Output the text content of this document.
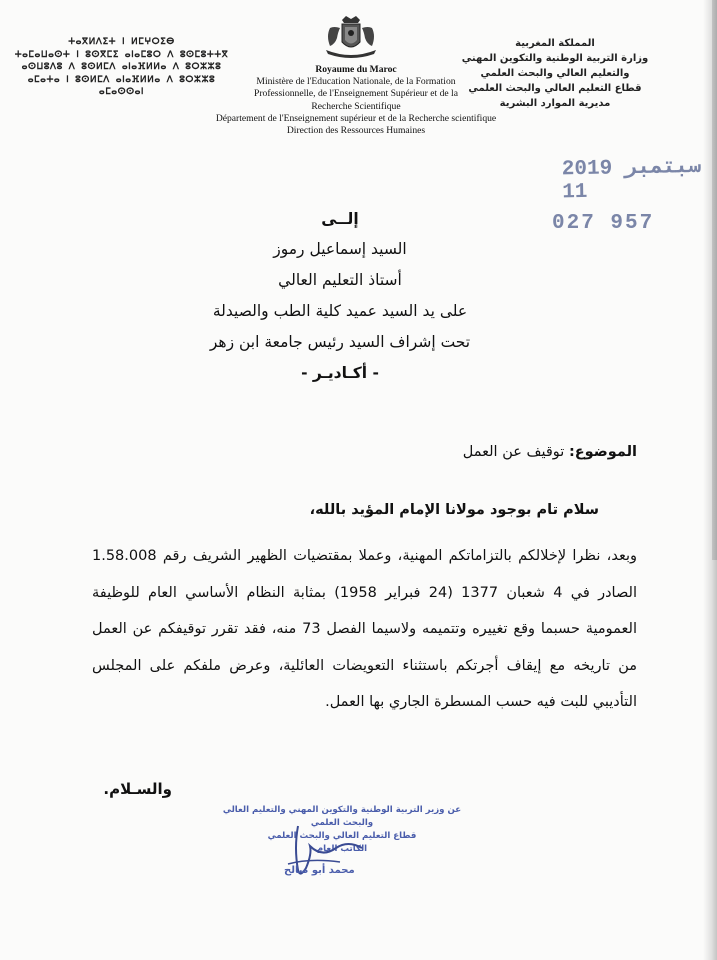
المملكة المغربية
وزارة التربية الوطنية والتكوين المهني
والتعليم العالي والبحث العلمي
قطاع التعليم العالي والبحث العلمي
مديرية الموارد البشرية
ⵜⴰⴳⵍⴷⵉⵜ ⵏ ⵍⵎⵖⵔⵉⴱ
ⵜⴰⵎⴰⵡⴰⵙⵜ ⵏ ⵓⵙⴳⵎⵉ ⴰⵏⴰⵎⵓⵔ ⴷ ⵓⵙⵎⵓⵜⵜⴳ
ⴰⵙⵡⵓⴷⵓ ⴷ ⵓⵙⵍⵎⴷ ⴰⵏⴰⴼⵍⵍⴰ ⴷ ⵓⵔⵣⵣⵓ
ⴰⵎⴰⵜⴰ ⵏ ⵓⵙⵍⵎⴷ ⴰⵏⴰⴼⵍⵍⴰ ⴷ ⵓⵔⵣⵣⵓ ⴰⵎⴰⵙⵙⴰⵏ
Royaume du Maroc
Ministère de l'Education Nationale, de la Formation
Professionnelle, de l'Enseignement Supérieur et de la
Recherche Scientifique
Département de l'Enseignement supérieur et de la Recherche scientifique
Direction des Ressources Humaines
2019 سبتمبر 11
027 957
إلــى
السيد إسماعيل رموز
أستاذ التعليم العالي
على يد السيد عميد كلية الطب والصيدلة
تحت إشراف السيد رئيس جامعة ابن زهر
- أكـاديـر -
الموضوع: توقيف عن العمل
سلام تام بوجود مولانا الإمام المؤيد بالله،
وبعد، نظرا لإخلالكم بالتزاماتكم المهنية، وعملا بمقتضيات الظهير الشريف رقم 1.58.008 الصادر في 4 شعبان 1377 (24 فبراير 1958) بمثابة النظام الأساسي العام للوظيفة العمومية حسبما وقع تغييره وتتميمه ولاسيما الفصل 73 منه، فقد تقرر توقيفكم عن العمل من تاريخه مع إيقاف أجرتكم باستثناء التعويضات العائلية، وعرض ملفكم على المجلس التأديبي للبت فيه حسب المسطرة الجاري بها العمل.
والسـلام.
عن وزير التربية الوطنية والتكوين المهني والتعليم العالي
والبحث العلمي
قطاع التعليم العالي والبحث العلمي
الكاتب العام
محمد أبو صالح
